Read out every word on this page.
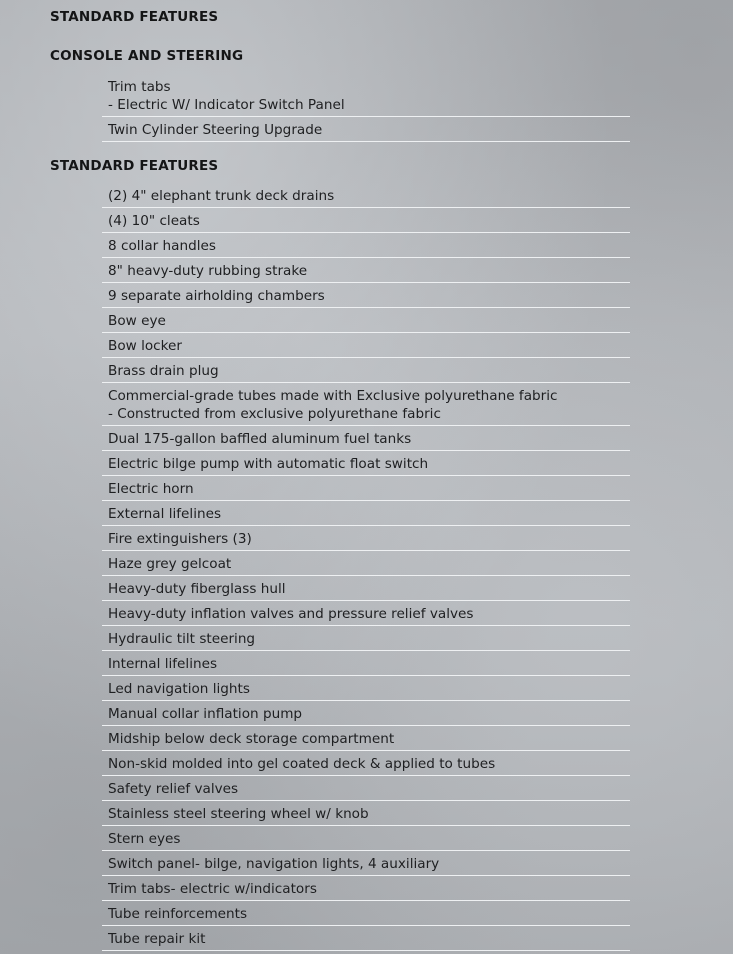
STANDARD FEATURES
CONSOLE AND STEERING
Trim tabs
- Electric W/ Indicator Switch Panel
Twin Cylinder Steering Upgrade
STANDARD FEATURES
(2) 4" elephant trunk deck drains
(4) 10" cleats
8 collar handles
8" heavy-duty rubbing strake
9 separate airholding chambers
Bow eye
Bow locker
Brass drain plug
Commercial-grade tubes made with Exclusive polyurethane fabric
- Constructed from exclusive polyurethane fabric
Dual 175-gallon baffled aluminum fuel tanks
Electric bilge pump with automatic float switch
Electric horn
External lifelines
Fire extinguishers (3)
Haze grey gelcoat
Heavy-duty fiberglass hull
Heavy-duty inflation valves and pressure relief valves
Hydraulic tilt steering
Internal lifelines
Led navigation lights
Manual collar inflation pump
Midship below deck storage compartment
Non-skid molded into gel coated deck & applied to tubes
Safety relief valves
Stainless steel steering wheel w/ knob
Stern eyes
Switch panel- bilge, navigation lights, 4 auxiliary
Trim tabs- electric w/indicators
Tube reinforcements
Tube repair kit
